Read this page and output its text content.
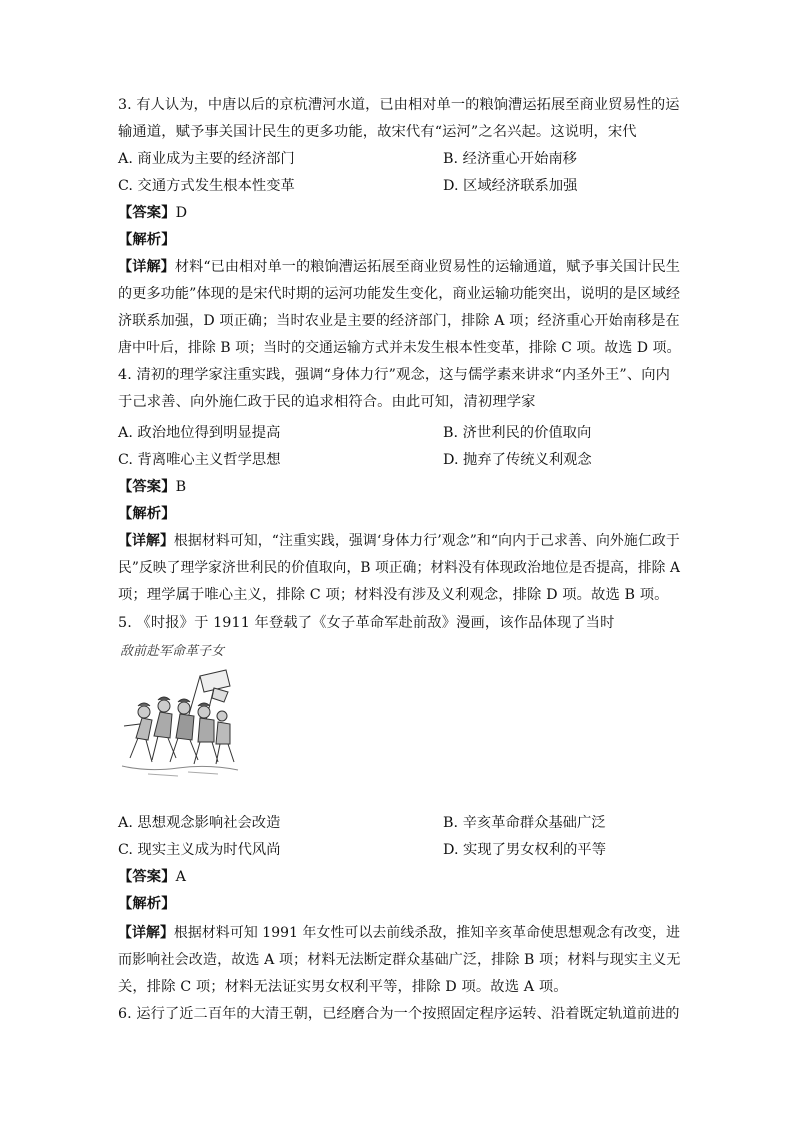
3. 有人认为，中唐以后的京杭漕河水道，已由相对单一的粮饷漕运拓展至商业贸易性的运
输通道，赋予事关国计民生的更多功能，故宋代有“运河”之名兴起。这说明，宋代
A. 商业成为主要的经济部门	B. 经济重心开始南移
C. 交通方式发生根本性变革	D. 区域经济联系加强
【答案】D
【解析】
【详解】材料“已由相对单一的粮饷漕运拓展至商业贸易性的运输通道，赋予事关国计民生
的更多功能”体现的是宋代时期的运河功能发生变化，商业运输功能突出，说明的是区域经
济联系加强，D 项正确；当时农业是主要的经济部门，排除 A 项；经济重心开始南移是在
唐中叶后，排除 B 项；当时的交通运输方式并未发生根本性变革，排除 C 项。故选 D 项。
4. 清初的理学家注重实践，强调“身体力行”观念，这与儒学素来讲求“内圣外王”、向内
于己求善、向外施仁政于民的追求相符合。由此可知，清初理学家
A. 政治地位得到明显提高	B. 济世利民的价值取向
C. 背离唯心主义哲学思想	D. 抛弃了传统义利观念
【答案】B
【解析】
【详解】根据材料可知，“注重实践，强调‘身体力行’观念”和“向内于己求善、向外施仁政于
民”反映了理学家济世利民的价值取向，B 项正确；材料没有体现政治地位是否提高，排除 A
项；理学属于唯心主义，排除 C 项；材料没有涉及义利观念，排除 D 项。故选 B 项。
5. 《时报》于 1911 年登载了《女子革命军赴前敌》漫画，该作品体现了当时
敌前赴军命革子女
A. 思想观念影响社会改造	B. 辛亥革命群众基础广泛
C. 现实主义成为时代风尚	D. 实现了男女权利的平等
【答案】A
【解析】
【详解】根据材料可知 1991 年女性可以去前线杀敌，推知辛亥革命使思想观念有改变，进
而影响社会改造，故选 A 项；材料无法断定群众基础广泛，排除 B 项；材料与现实主义无
关，排除 C 项；材料无法证实男女权利平等，排除 D 项。故选 A 项。
6. 运行了近二百年的大清王朝，已经磨合为一个按照固定程序运转、沿着既定轨道前进的
